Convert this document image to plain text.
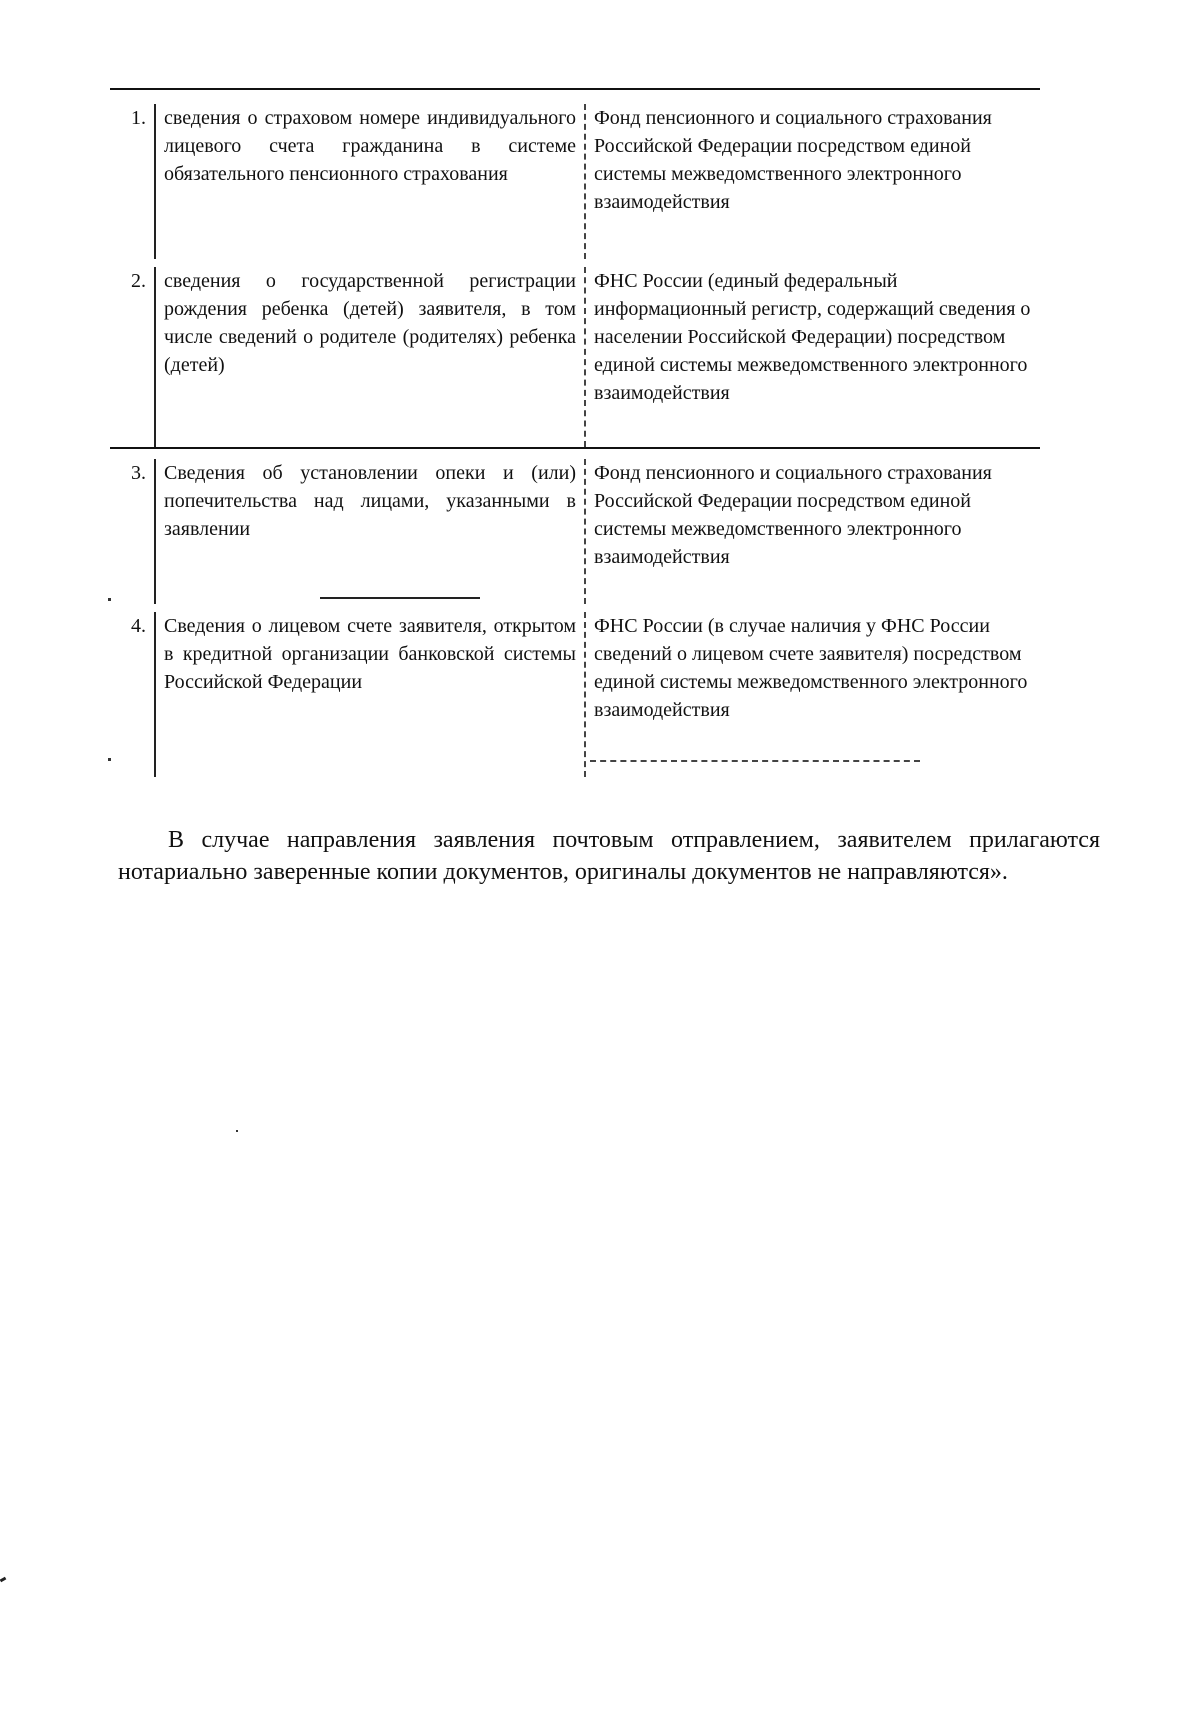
1. сведения о страховом номере индивидуального лицевого счета гражданина в системе обязательного пенсионного страхования
Фонд пенсионного и социального страхования Российской Федерации посредством единой системы межведомственного электронного взаимодействия
2. сведения о государственной регистрации рождения ребенка (детей) заявителя, в том числе сведений о родителе (родителях) ребенка (детей)
ФНС России (единый федеральный информационный регистр, содержащий сведения о населении Российской Федерации) посредством единой системы межведомственного электронного взаимодействия
3. Сведения об установлении опеки и (или) попечительства над лицами, указанными в заявлении
Фонд пенсионного и социального страхования Российской Федерации посредством единой системы межведомственного электронного взаимодействия
4. Сведения о лицевом счете заявителя, открытом в кредитной организации банковской системы Российской Федерации
ФНС России (в случае наличия у ФНС России сведений о лицевом счете заявителя) посредством единой системы межведомственного электронного взаимодействия

В случае направления заявления почтовым отправлением, заявителем прилагаются нотариально заверенные копии документов, оригиналы документов не направляются».
